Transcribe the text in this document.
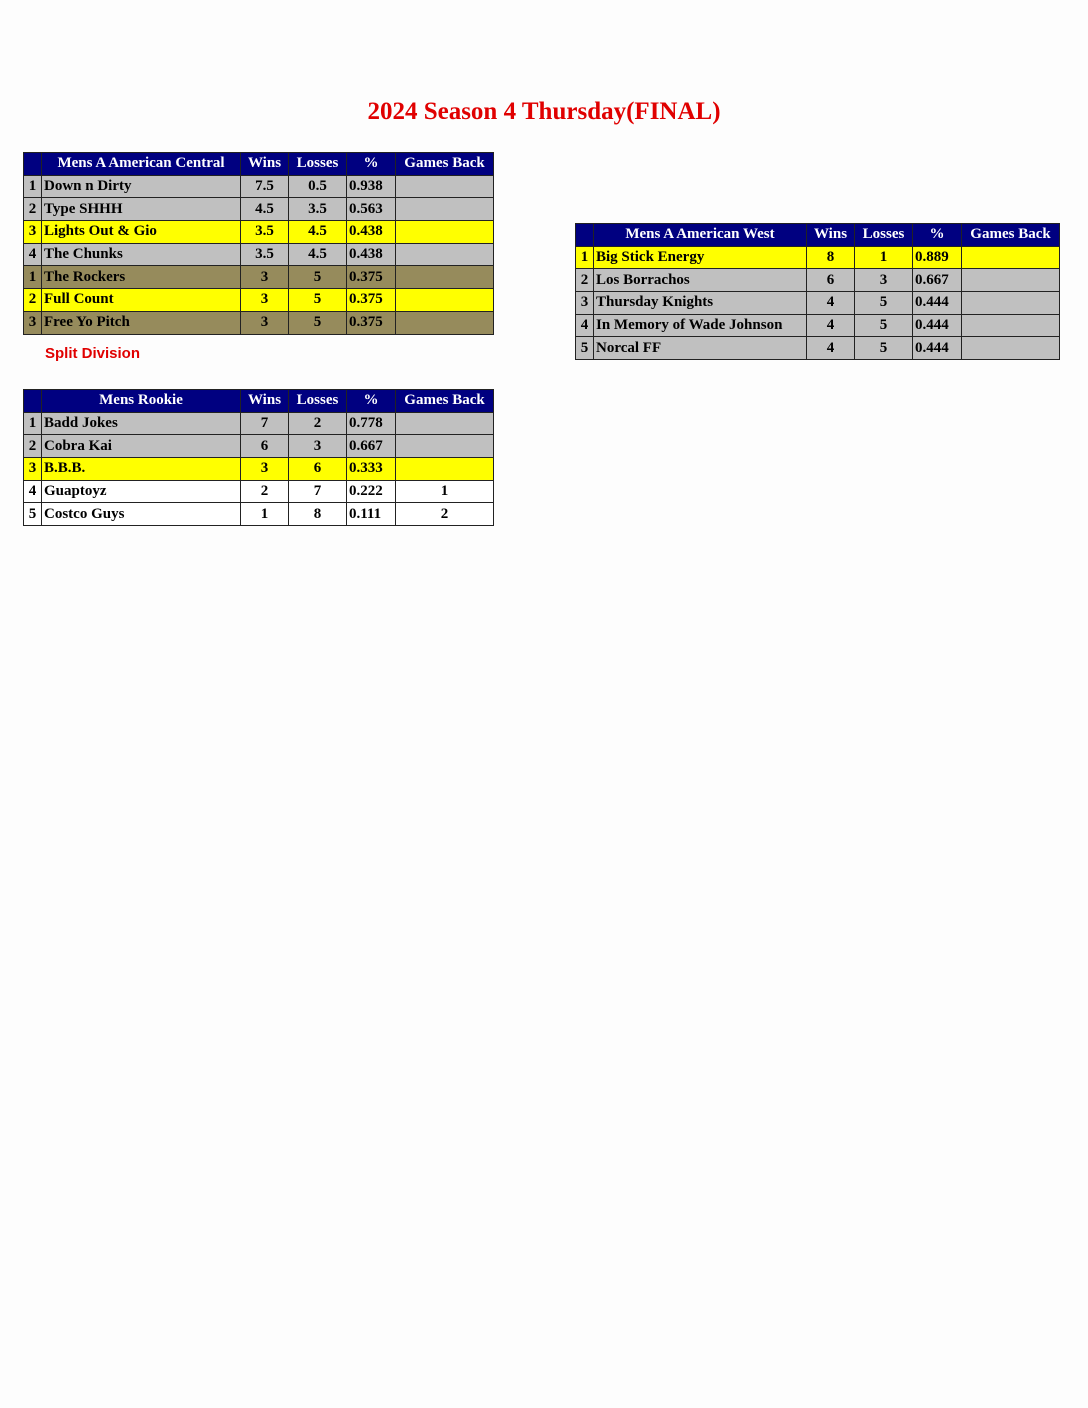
2024 Season 4 Thursday(FINAL)
	Mens A American Central	Wins	Losses	%	Games Back
1	Down n Dirty	7.5	0.5	0.938	
2	Type SHHH	4.5	3.5	0.563	
3	Lights Out & Gio	3.5	4.5	0.438	
4	The Chunks	3.5	4.5	0.438	
1	The Rockers	3	5	0.375	
2	Full Count	3	5	0.375	
3	Free Yo Pitch	3	5	0.375	
Split Division
	Mens A American West	Wins	Losses	%	Games Back
1	Big Stick Energy	8	1	0.889	
2	Los Borrachos	6	3	0.667	
3	Thursday Knights	4	5	0.444	
4	In Memory of Wade Johnson	4	5	0.444	
5	Norcal FF	4	5	0.444	
	Mens Rookie	Wins	Losses	%	Games Back
1	Badd Jokes	7	2	0.778	
2	Cobra Kai	6	3	0.667	
3	B.B.B.	3	6	0.333	
4	Guaptoyz	2	7	0.222	1
5	Costco Guys	1	8	0.111	2
